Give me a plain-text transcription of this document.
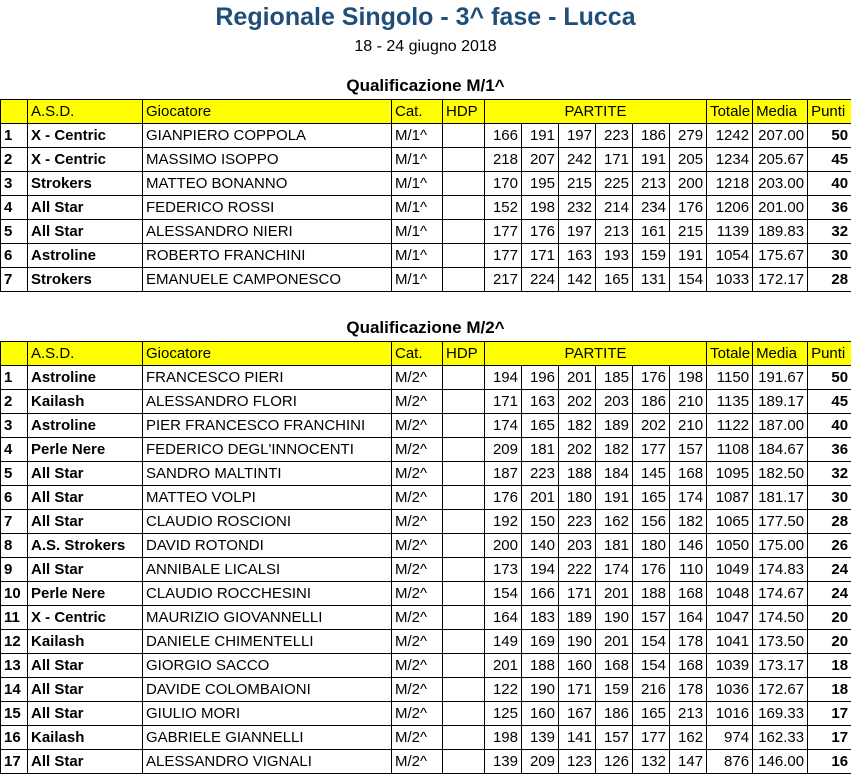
Regionale Singolo - 3^ fase - Lucca
18 - 24 giugno 2018
Qualificazione M/1^
	A.S.D.	Giocatore	Cat.	HDP	PARTITE						Totale	Media	Punti
1	X - Centric	GIANPIERO COPPOLA	M/1^		166	191	197	223	186	279	1242	207.00	50
2	X - Centric	MASSIMO ISOPPO	M/1^		218	207	242	171	191	205	1234	205.67	45
3	Strokers	MATTEO BONANNO	M/1^		170	195	215	225	213	200	1218	203.00	40
4	All Star	FEDERICO ROSSI	M/1^		152	198	232	214	234	176	1206	201.00	36
5	All Star	ALESSANDRO NIERI	M/1^		177	176	197	213	161	215	1139	189.83	32
6	Astroline	ROBERTO FRANCHINI	M/1^		177	171	163	193	159	191	1054	175.67	30
7	Strokers	EMANUELE CAMPONESCO	M/1^		217	224	142	165	131	154	1033	172.17	28
Qualificazione M/2^
	A.S.D.	Giocatore	Cat.	HDP	PARTITE						Totale	Media	Punti
1	Astroline	FRANCESCO PIERI	M/2^		194	196	201	185	176	198	1150	191.67	50
2	Kailash	ALESSANDRO FLORI	M/2^		171	163	202	203	186	210	1135	189.17	45
3	Astroline	PIER FRANCESCO FRANCHINI	M/2^		174	165	182	189	202	210	1122	187.00	40
4	Perle Nere	FEDERICO DEGL'INNOCENTI	M/2^		209	181	202	182	177	157	1108	184.67	36
5	All Star	SANDRO MALTINTI	M/2^		187	223	188	184	145	168	1095	182.50	32
6	All Star	MATTEO VOLPI	M/2^		176	201	180	191	165	174	1087	181.17	30
7	All Star	CLAUDIO ROSCIONI	M/2^		192	150	223	162	156	182	1065	177.50	28
8	A.S. Strokers	DAVID ROTONDI	M/2^		200	140	203	181	180	146	1050	175.00	26
9	All Star	ANNIBALE LICALSI	M/2^		173	194	222	174	176	110	1049	174.83	24
10	Perle Nere	CLAUDIO ROCCHESINI	M/2^		154	166	171	201	188	168	1048	174.67	24
11	X - Centric	MAURIZIO GIOVANNELLI	M/2^		164	183	189	190	157	164	1047	174.50	20
12	Kailash	DANIELE CHIMENTELLI	M/2^		149	169	190	201	154	178	1041	173.50	20
13	All Star	GIORGIO SACCO	M/2^		201	188	160	168	154	168	1039	173.17	18
14	All Star	DAVIDE COLOMBAIONI	M/2^		122	190	171	159	216	178	1036	172.67	18
15	All Star	GIULIO MORI	M/2^		125	160	167	186	165	213	1016	169.33	17
16	Kailash	GABRIELE GIANNELLI	M/2^		198	139	141	157	177	162	974	162.33	17
17	All Star	ALESSANDRO VIGNALI	M/2^		139	209	123	126	132	147	876	146.00	16
